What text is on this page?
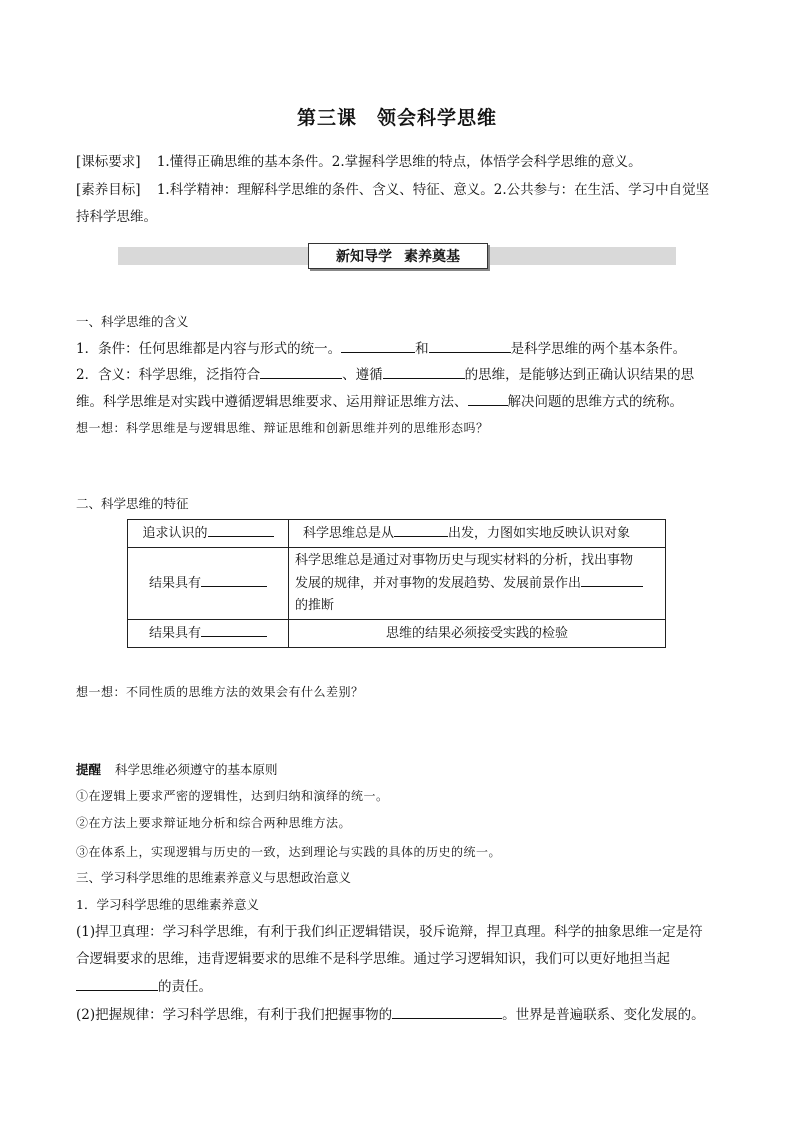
第三课　领会科学思维
[课标要求] 1.懂得正确思维的基本条件。2.掌握科学思维的特点，体悟学会科学思维的意义。
[素养目标] 1.科学精神：理解科学思维的条件、含义、特征、意义。2.公共参与：在生活、学习中自觉坚
持科学思维。
新知导学 素养奠基
一、科学思维的含义
1．条件：任何思维都是内容与形式的统一。	和	是科学思维的两个基本条件。
2．含义：科学思维，泛指符合	、遵循	的思维，是能够达到正确认识结果的思
维。科学思维是对实践中遵循逻辑思维要求、运用辩证思维方法、	解决问题的思维方式的统称。
想一想：科学思维是与逻辑思维、辩证思维和创新思维并列的思维形态吗？
二、科学思维的特征
追求认识的	科学思维总是从 出发，力图如实地反映认识对象
结果具有	科学思维总是通过对事物历史与现实材料的分析，找出事物
发展的规律，并对事物的发展趋势、发展前景作出
的推断

结果具有	思维的结果必须接受实践的检验
想一想：不同性质的思维方法的效果会有什么差别？
提醒 科学思维必须遵守的基本原则
①在逻辑上要求严密的逻辑性，达到归纳和演绎的统一。
②在方法上要求辩证地分析和综合两种思维方法。
③在体系上，实现逻辑与历史的一致，达到理论与实践的具体的历史的统一。
三、学习科学思维的思维素养意义与思想政治意义
1．学习科学思维的思维素养意义
(1)捍卫真理：学习科学思维，有利于我们纠正逻辑错误，驳斥诡辩，捍卫真理。科学的抽象思维一定是符
合逻辑要求的思维，违背逻辑要求的思维不是科学思维。通过学习逻辑知识，我们可以更好地担当起
的责任。
(2)把握规律：学习科学思维，有利于我们把握事物的	。世界是普遍联系、变化发展的。
